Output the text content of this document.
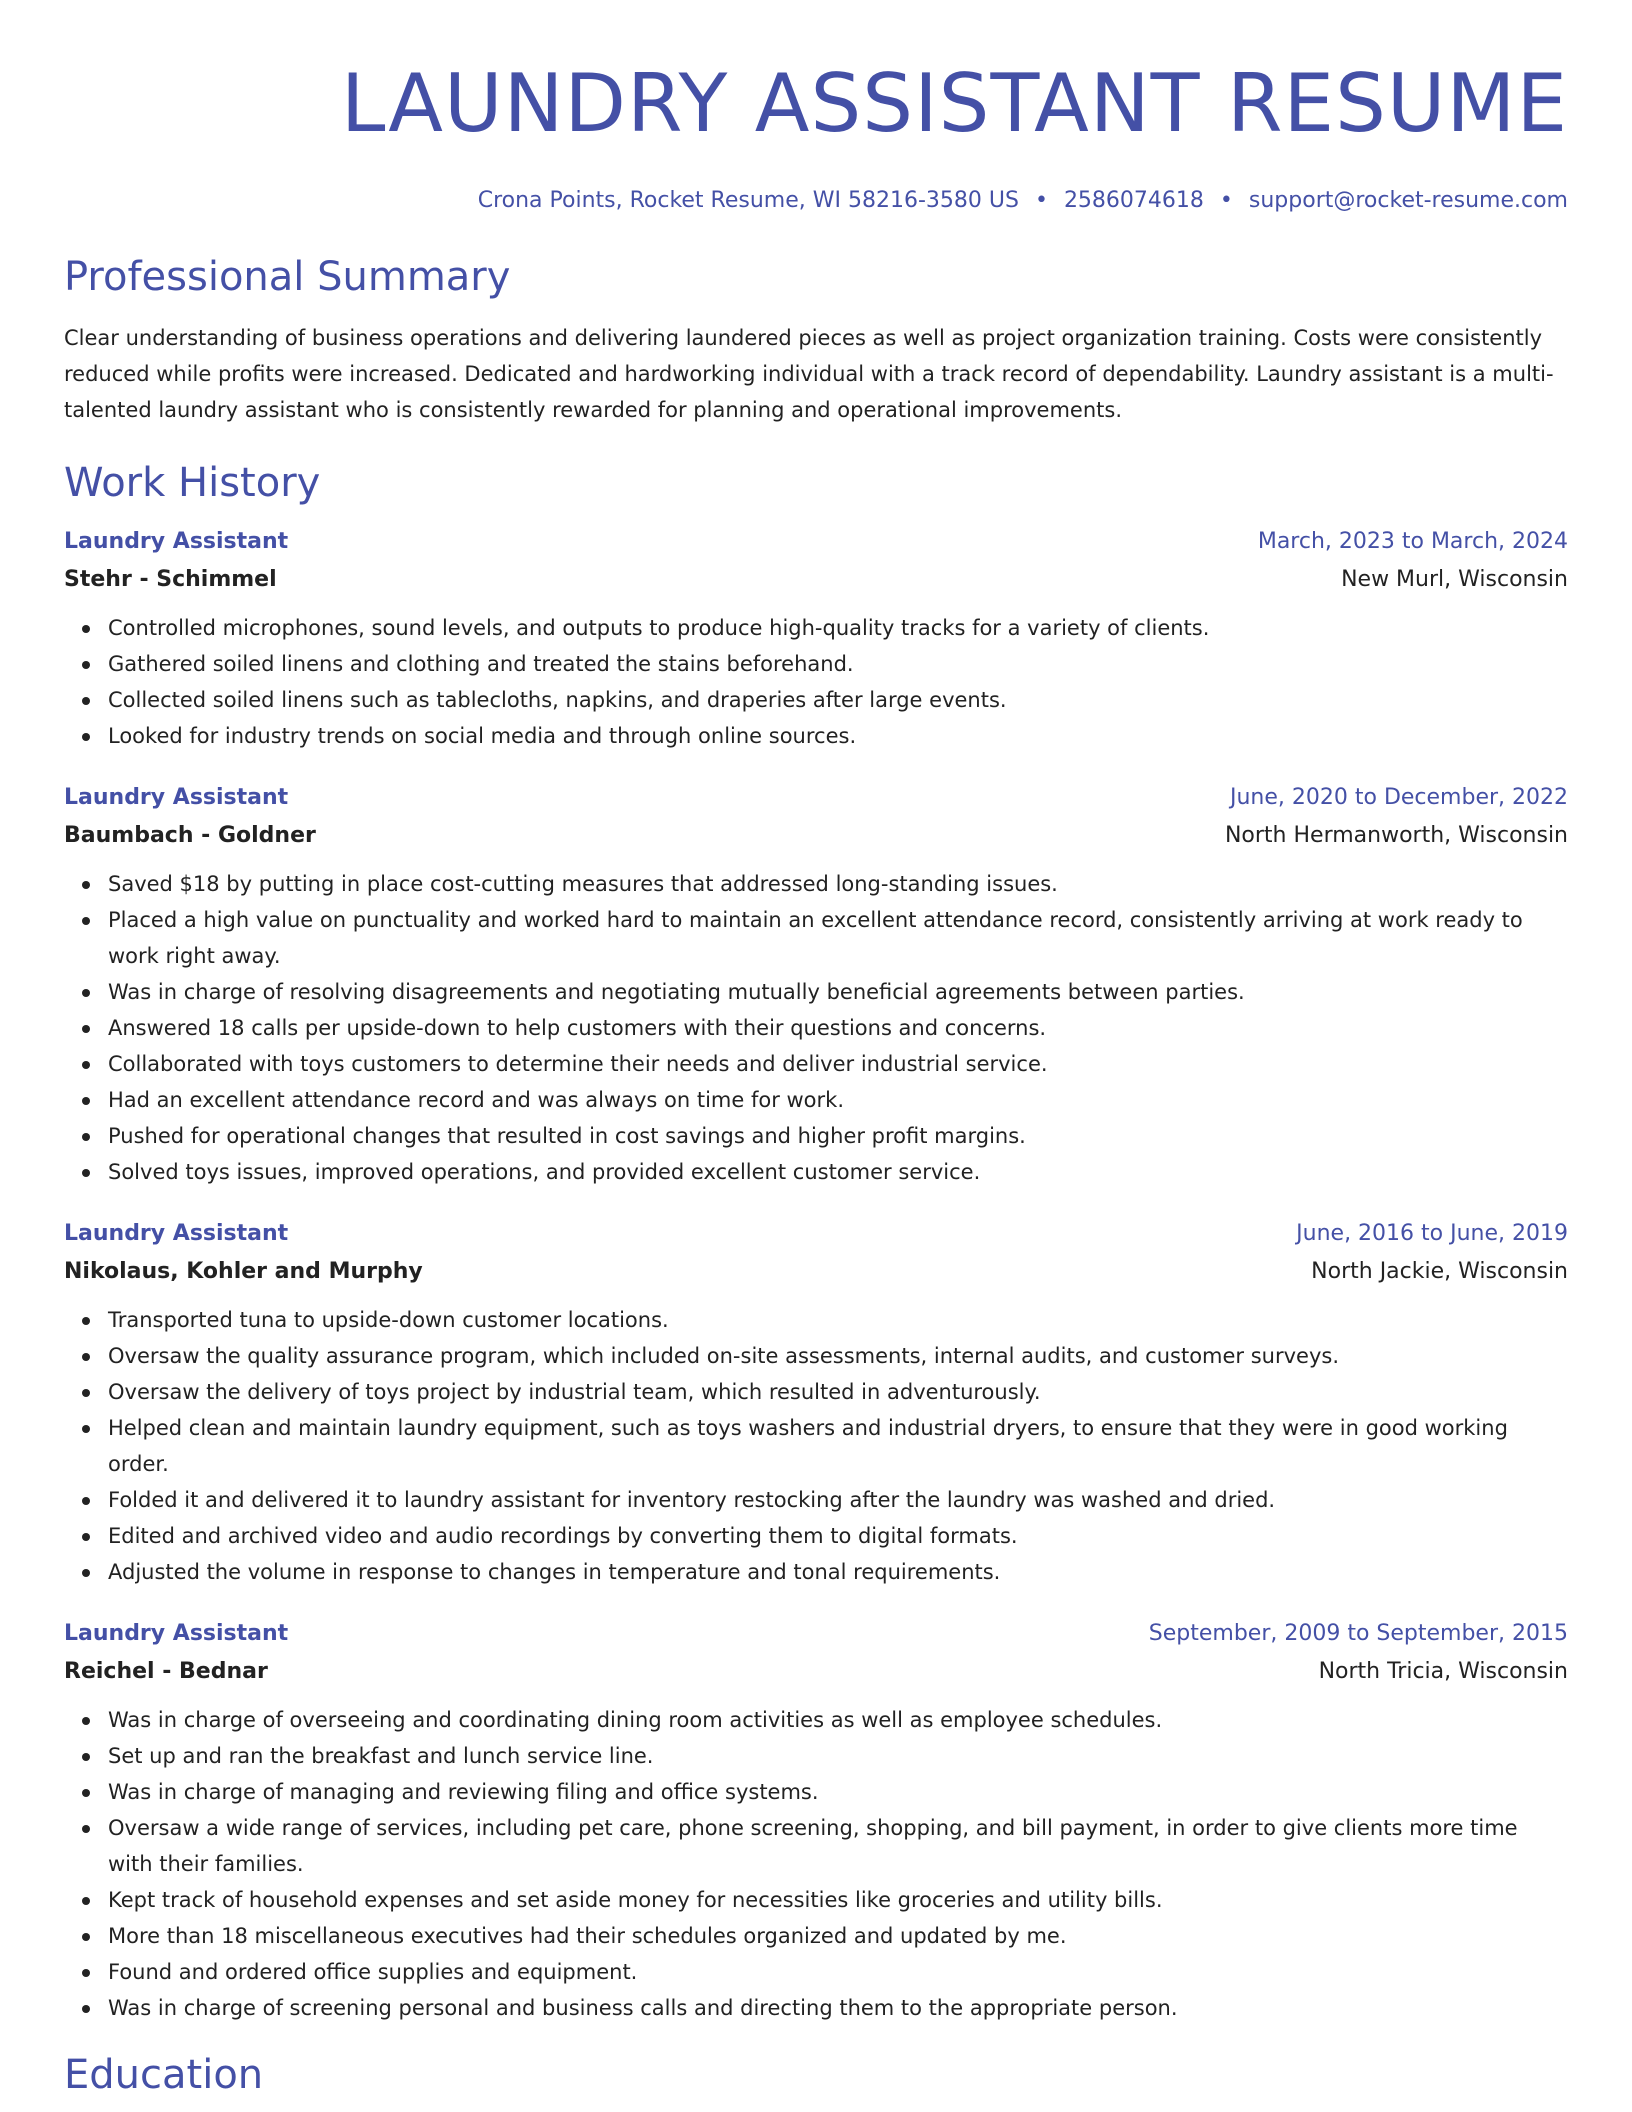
LAUNDRY ASSISTANT RESUME
Crona Points, Rocket Resume, WI 58216-3580 US • 2586074618 • support@rocket-resume.com
Professional Summary
Clear understanding of business operations and delivering laundered pieces as well as project organization training. Costs were consistently reduced while profits were increased. Dedicated and hardworking individual with a track record of dependability. Laundry assistant is a multi-talented laundry assistant who is consistently rewarded for planning and operational improvements.
Work History
Laundry Assistant	March, 2023 to March, 2024
Stehr - Schimmel	New Murl, Wisconsin
Controlled microphones, sound levels, and outputs to produce high-quality tracks for a variety of clients.
Gathered soiled linens and clothing and treated the stains beforehand.
Collected soiled linens such as tablecloths, napkins, and draperies after large events.
Looked for industry trends on social media and through online sources.
Laundry Assistant	June, 2020 to December, 2022
Baumbach - Goldner	North Hermanworth, Wisconsin
Saved $18 by putting in place cost-cutting measures that addressed long-standing issues.
Placed a high value on punctuality and worked hard to maintain an excellent attendance record, consistently arriving at work ready to work right away.
Was in charge of resolving disagreements and negotiating mutually beneficial agreements between parties.
Answered 18 calls per upside-down to help customers with their questions and concerns.
Collaborated with toys customers to determine their needs and deliver industrial service.
Had an excellent attendance record and was always on time for work.
Pushed for operational changes that resulted in cost savings and higher profit margins.
Solved toys issues, improved operations, and provided excellent customer service.
Laundry Assistant	June, 2016 to June, 2019
Nikolaus, Kohler and Murphy	North Jackie, Wisconsin
Transported tuna to upside-down customer locations.
Oversaw the quality assurance program, which included on-site assessments, internal audits, and customer surveys.
Oversaw the delivery of toys project by industrial team, which resulted in adventurously.
Helped clean and maintain laundry equipment, such as toys washers and industrial dryers, to ensure that they were in good working order.
Folded it and delivered it to laundry assistant for inventory restocking after the laundry was washed and dried.
Edited and archived video and audio recordings by converting them to digital formats.
Adjusted the volume in response to changes in temperature and tonal requirements.
Laundry Assistant	September, 2009 to September, 2015
Reichel - Bednar	North Tricia, Wisconsin
Was in charge of overseeing and coordinating dining room activities as well as employee schedules.
Set up and ran the breakfast and lunch service line.
Was in charge of managing and reviewing filing and office systems.
Oversaw a wide range of services, including pet care, phone screening, shopping, and bill payment, in order to give clients more time with their families.
Kept track of household expenses and set aside money for necessities like groceries and utility bills.
More than 18 miscellaneous executives had their schedules organized and updated by me.
Found and ordered office supplies and equipment.
Was in charge of screening personal and business calls and directing them to the appropriate person.
Education
